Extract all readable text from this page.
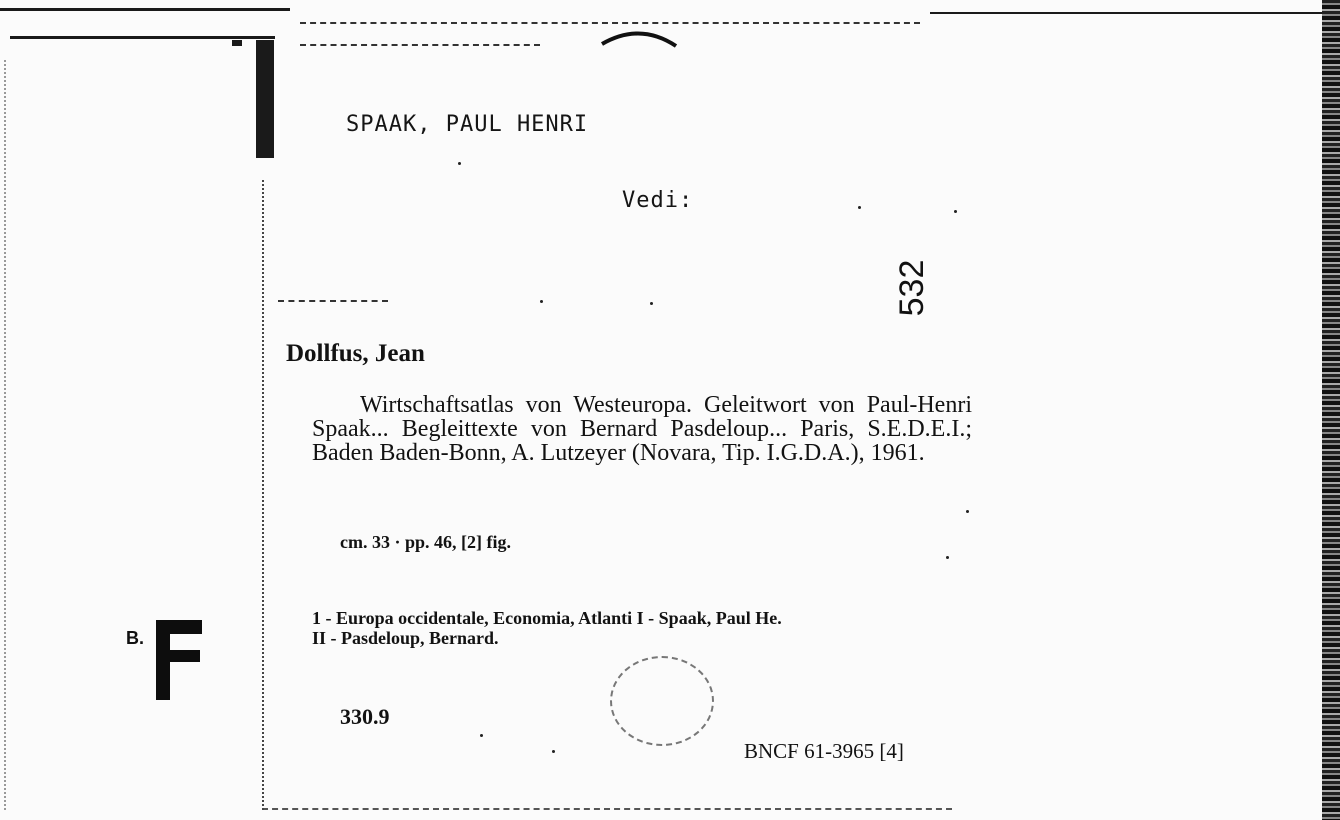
SPAAK, PAUL HENRI
Vedi:
532
Dollfus, Jean
Wirtschaftsatlas von Westeuropa. Geleitwort von Paul-Henri Spaak... Begleittexte von Bernard Pasdeloup... Paris, S.E.D.E.I.; Baden Baden-Bonn, A. Lutzeyer (Novara, Tip. I.G.D.A.), 1961.
cm. 33 · pp. 46, [2] fig.
1 - Europa occidentale, Economia, Atlanti I - Spaak, Paul He.
II - Pasdeloup, Bernard.
330.9
BNCF 61-3965 [4]
B.
